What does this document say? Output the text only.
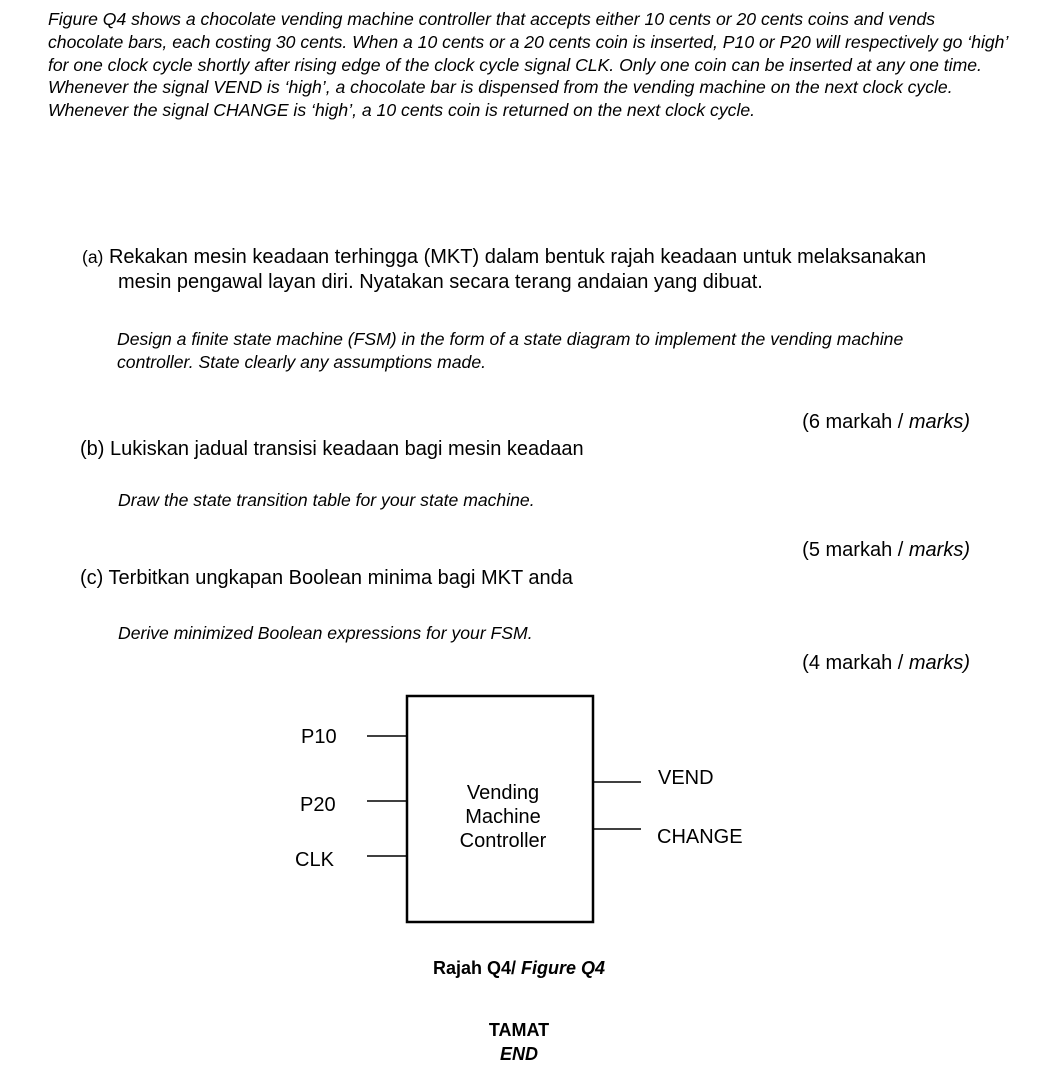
Figure Q4 shows a chocolate vending machine controller that accepts either 10 cents or 20 cents coins and vends chocolate bars, each costing 30 cents. When a 10 cents or a 20 cents coin is inserted, P10 or P20 will respectively go ‘high’ for one clock cycle shortly after rising edge of the clock cycle signal CLK. Only one coin can be inserted at any one time. Whenever the signal VEND is ‘high’, a chocolate bar is dispensed from the vending machine on the next clock cycle. Whenever the signal CHANGE is ‘high’, a 10 cents coin is returned on the next clock cycle.

(a) Rekakan mesin keadaan terhingga (MKT) dalam bentuk rajah keadaan untuk melaksanakan mesin pengawal layan diri. Nyatakan secara terang andaian yang dibuat.

Design a finite state machine (FSM) in the form of a state diagram to implement the vending machine controller. State clearly any assumptions made.

(6 markah / marks)

(b) Lukiskan jadual transisi keadaan bagi mesin keadaan

Draw the state transition table for your state machine.

(5 markah / marks)

(c) Terbitkan ungkapan Boolean minima bagi MKT anda

Derive minimized Boolean expressions for your FSM.

(4 markah / marks)
P10
P20
CLK
VEND
CHANGE
Vending
Machine
Controller
Rajah Q4/ Figure Q4
TAMAT
END
